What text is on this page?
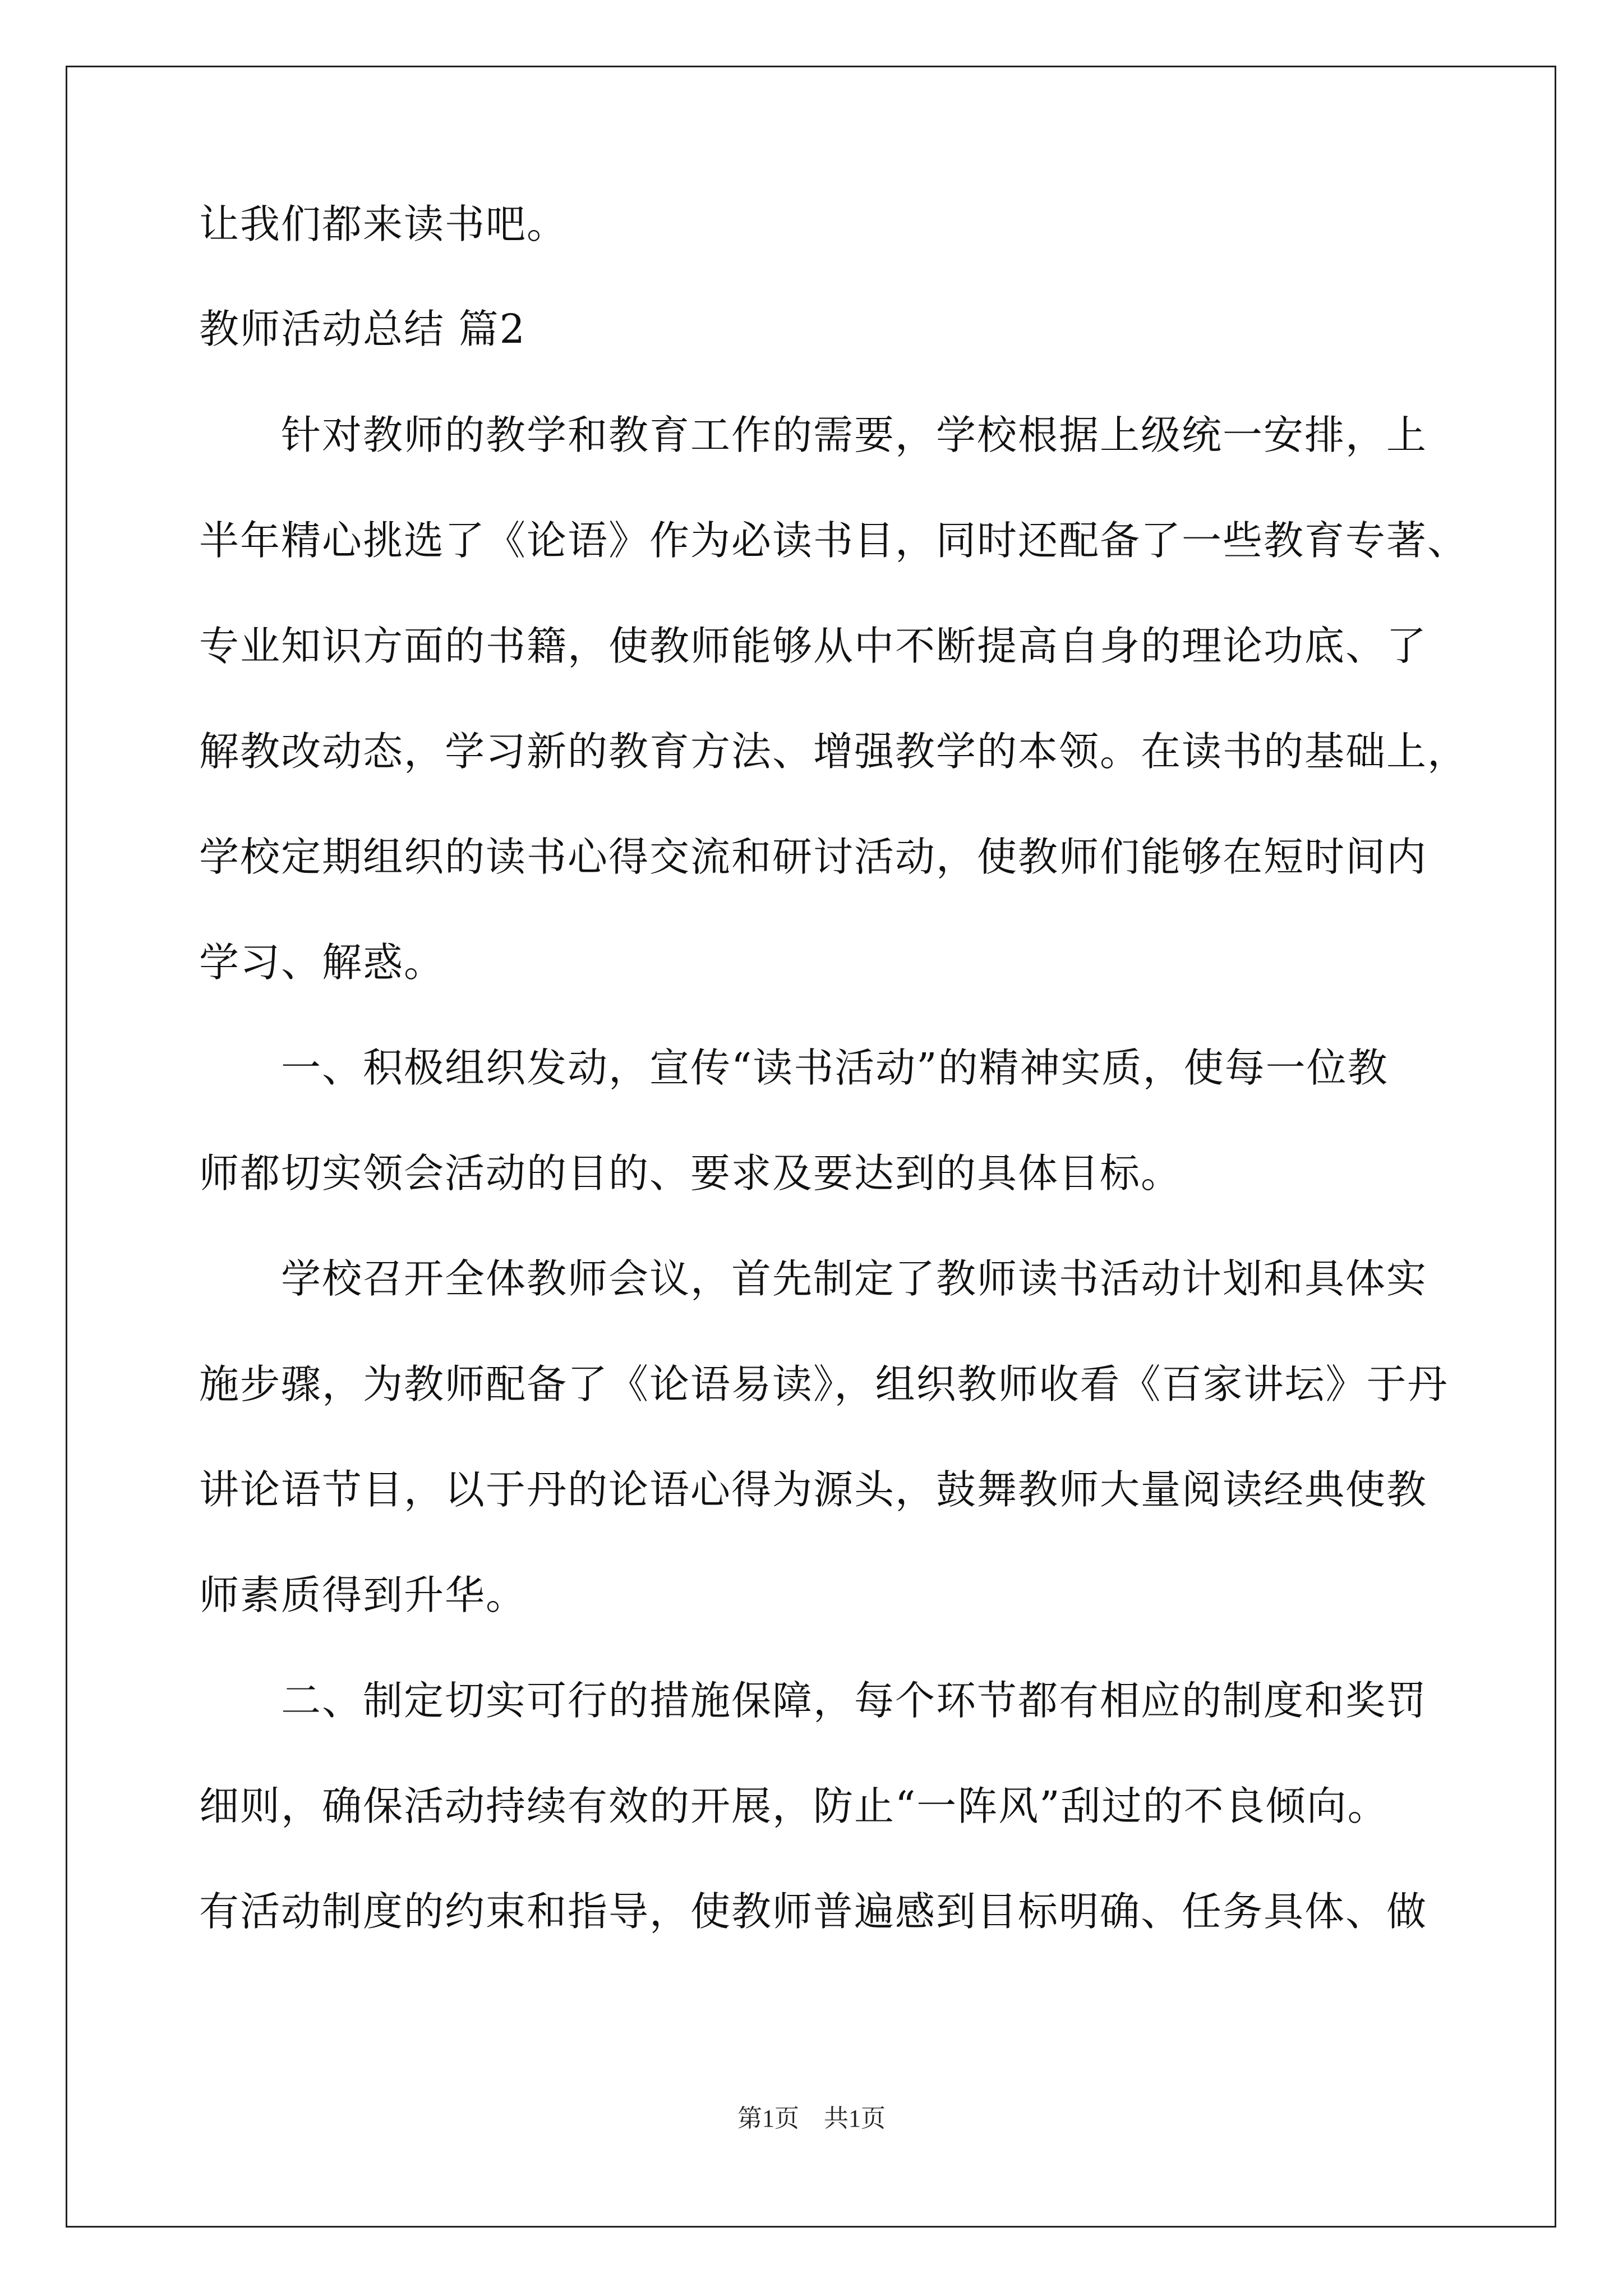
让我们都来读书吧。
教师活动总结 篇2
　　针对教师的教学和教育工作的需要，学校根据上级统一安排，上
半年精心挑选了《论语》作为必读书目，同时还配备了一些教育专著、
专业知识方面的书籍，使教师能够从中不断提高自身的理论功底、了
解教改动态，学习新的教育方法、增强教学的本领。在读书的基础上，
学校定期组织的读书心得交流和研讨活动，使教师们能够在短时间内
学习、解惑。
　　一、积极组织发动，宣传“读书活动”的精神实质，使每一位教
师都切实领会活动的目的、要求及要达到的具体目标。
　　学校召开全体教师会议，首先制定了教师读书活动计划和具体实
施步骤，为教师配备了《论语易读》，组织教师收看《百家讲坛》于丹
讲论语节目，以于丹的论语心得为源头，鼓舞教师大量阅读经典使教
师素质得到升华。
　　二、制定切实可行的措施保障，每个环节都有相应的制度和奖罚
细则，确保活动持续有效的开展，防止“一阵风”刮过的不良倾向。
有活动制度的约束和指导，使教师普遍感到目标明确、任务具体、做
第1页　共1页
